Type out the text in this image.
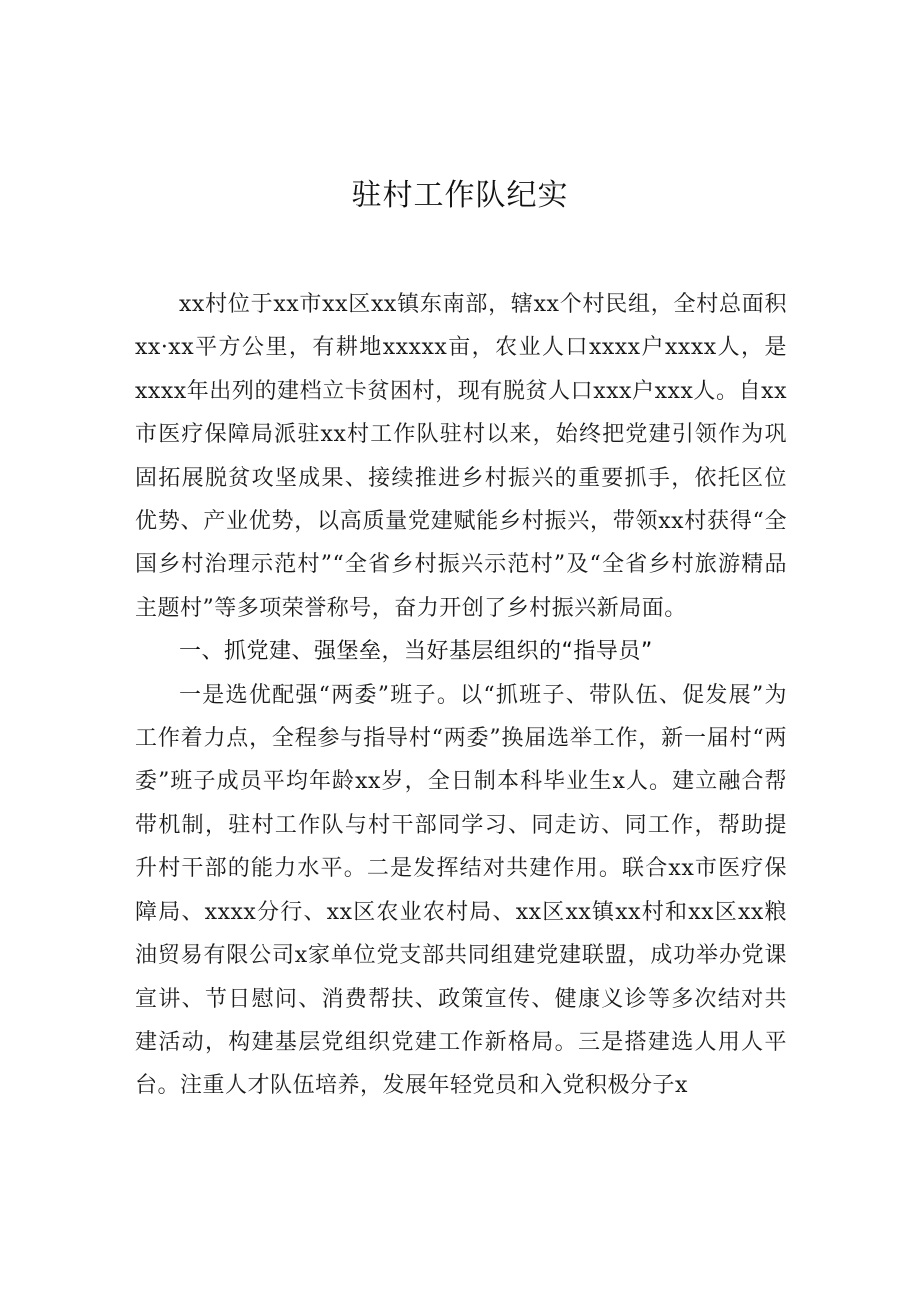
驻村工作队纪实

xx村位于xx市xx区xx镇东南部，辖xx个村民组，全村总面积xx·xx平方公里，有耕地xxxxx亩，农业人口xxxx户xxxx人，是xxxx年出列的建档立卡贫困村，现有脱贫人口xxx户xxx人。自xx市医疗保障局派驻xx村工作队驻村以来，始终把党建引领作为巩固拓展脱贫攻坚成果、接续推进乡村振兴的重要抓手，依托区位优势、产业优势，以高质量党建赋能乡村振兴，带领xx村获得“全国乡村治理示范村”“全省乡村振兴示范村”及“全省乡村旅游精品主题村”等多项荣誉称号，奋力开创了乡村振兴新局面。

一、抓党建、强堡垒，当好基层组织的“指导员”

一是选优配强“两委”班子。以“抓班子、带队伍、促发展”为工作着力点，全程参与指导村“两委”换届选举工作，新一届村“两委”班子成员平均年龄xx岁，全日制本科毕业生x人。建立融合帮带机制，驻村工作队与村干部同学习、同走访、同工作，帮助提升村干部的能力水平。二是发挥结对共建作用。联合xx市医疗保障局、xxxx分行、xx区农业农村局、xx区xx镇xx村和xx区xx粮油贸易有限公司x家单位党支部共同组建党建联盟，成功举办党课宣讲、节日慰问、消费帮扶、政策宣传、健康义诊等多次结对共建活动，构建基层党组织党建工作新格局。三是搭建选人用人平台。注重人才队伍培养，发展年轻党员和入党积极分子x
